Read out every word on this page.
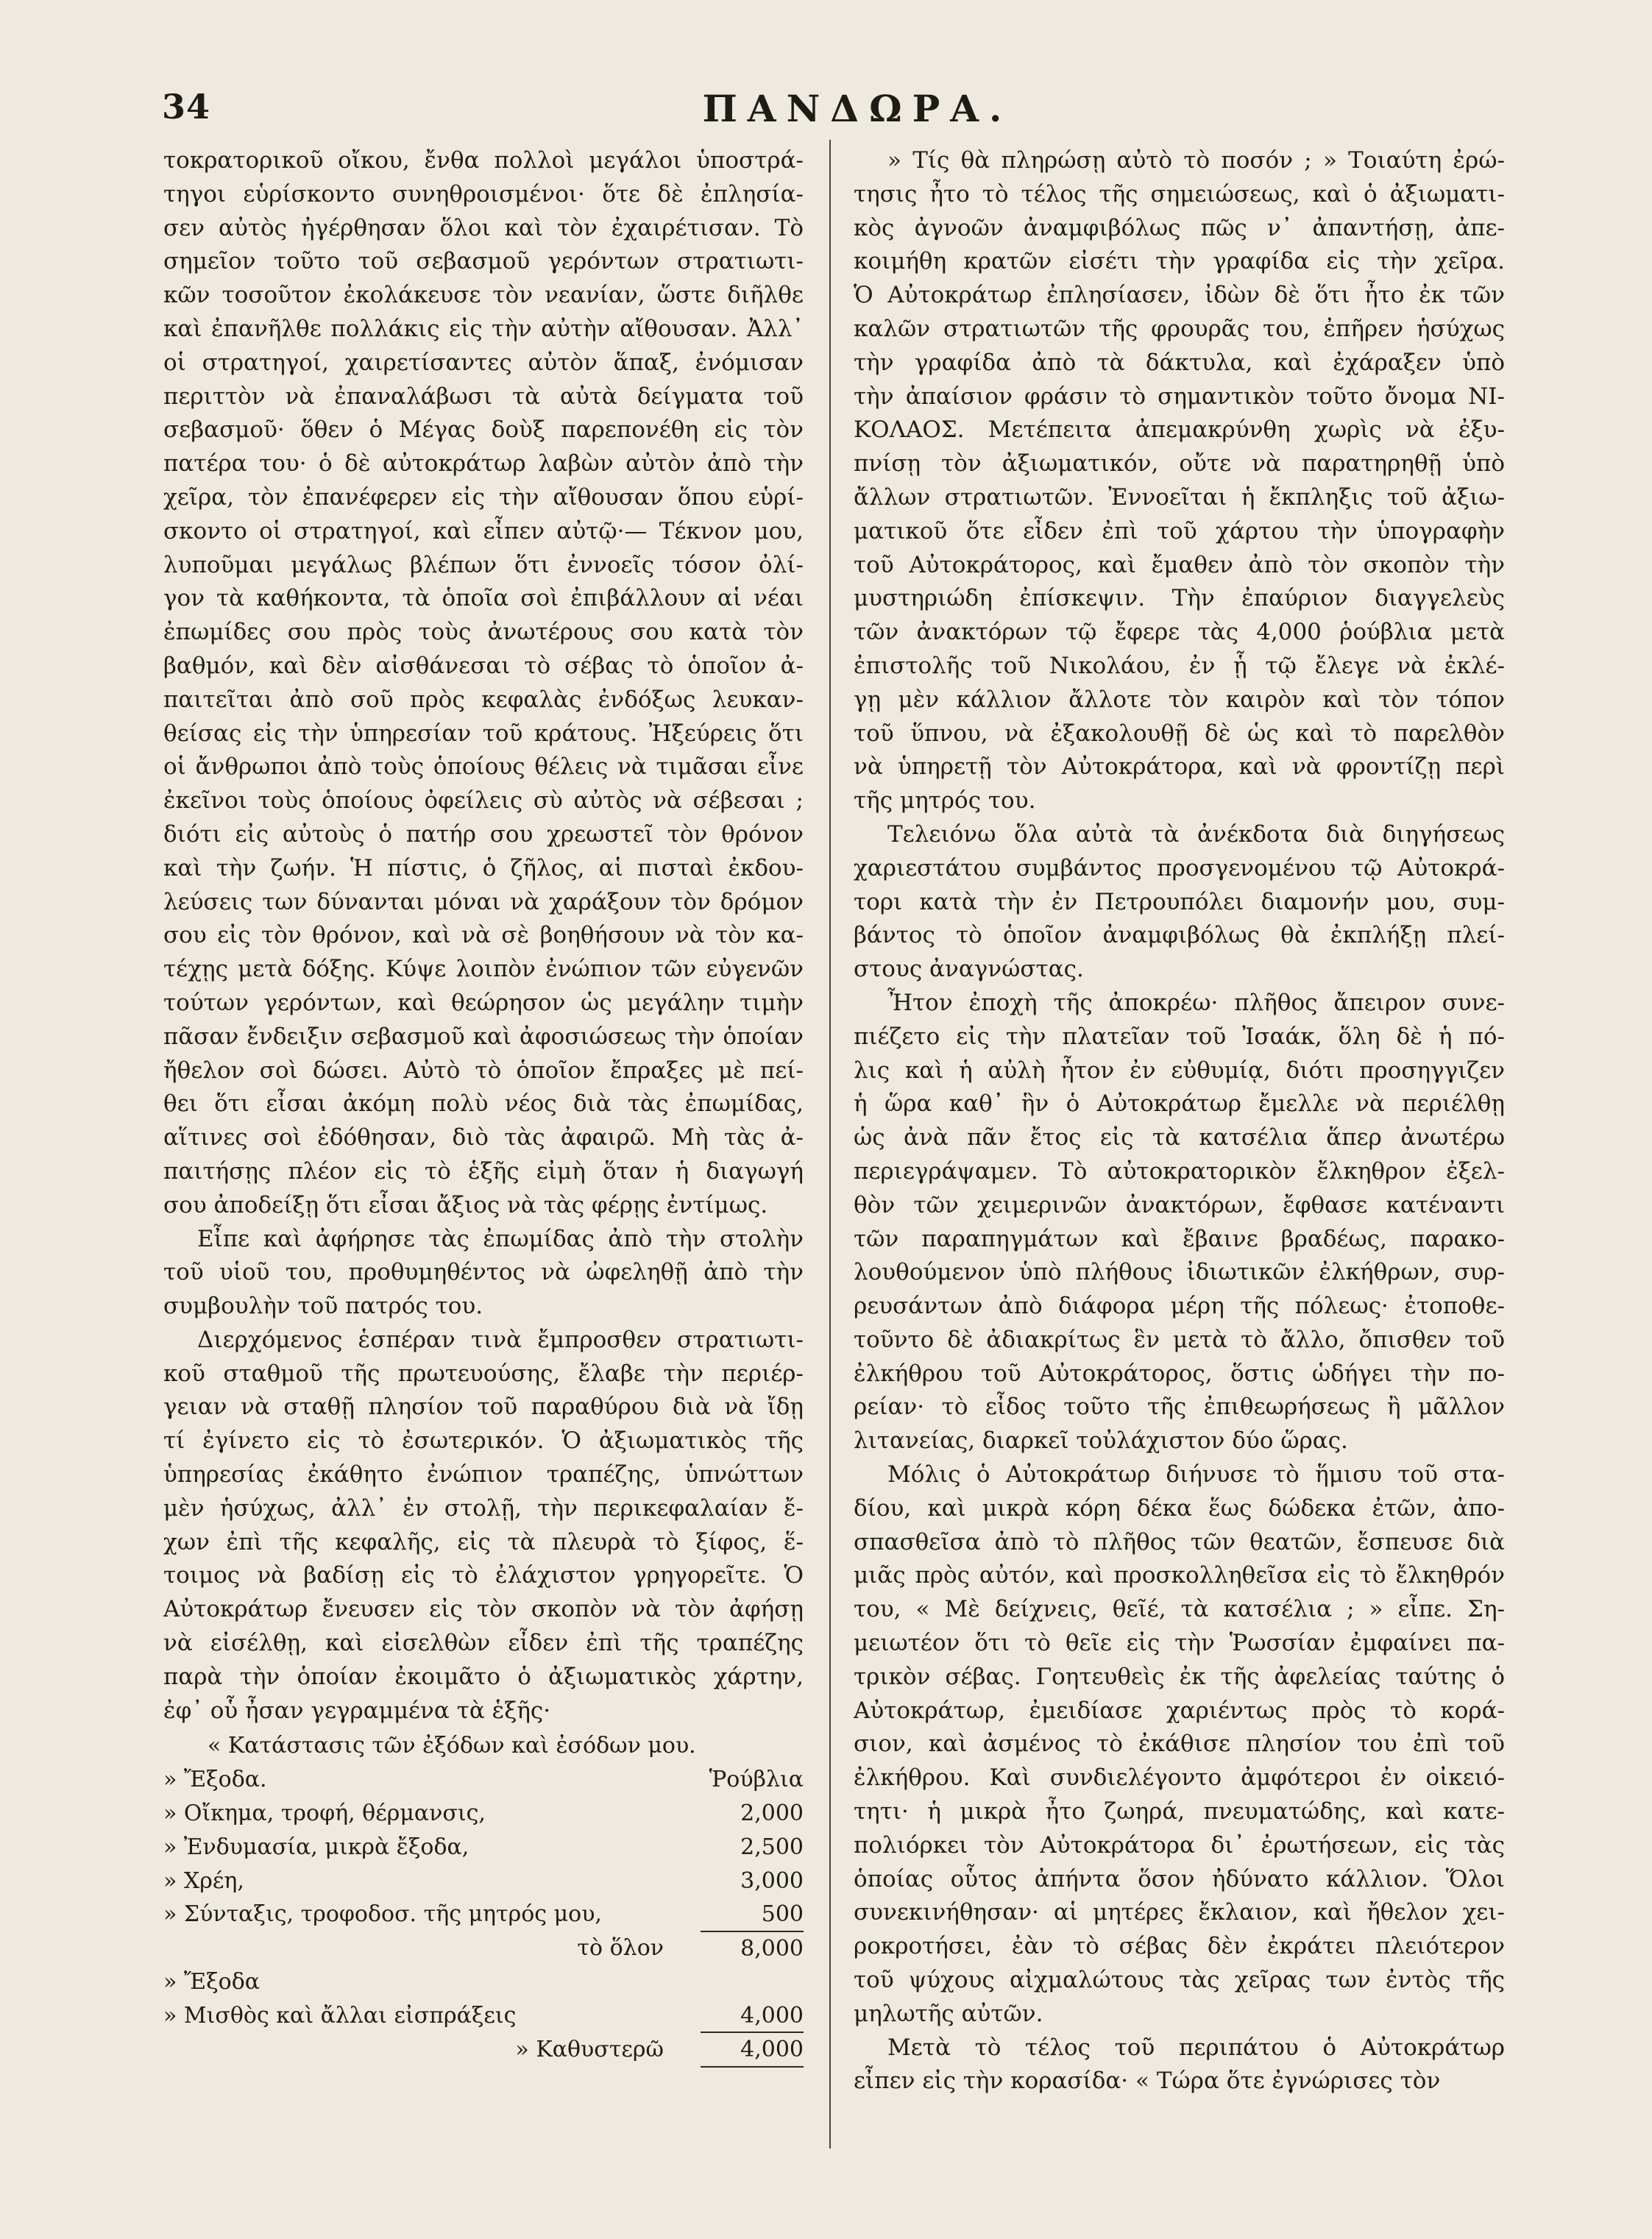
34	ΠΑΝΔΩΡΑ.
τοκρατορικοῦ οἴκου, ἔνθα πολλοὶ μεγάλοι ὑποστρά-
τηγοι εὑρίσκοντο συνηθροισμένοι· ὅτε δὲ ἐπλησία-
σεν αὐτὸς ἠγέρθησαν ὅλοι καὶ τὸν ἐχαιρέτισαν. Τὸ
σημεῖον τοῦτο τοῦ σεβασμοῦ γερόντων στρατιωτι-
κῶν τοσοῦτον ἐκολάκευσε τὸν νεανίαν, ὥστε διῆλθε
καὶ ἐπανῆλθε πολλάκις εἰς τὴν αὐτὴν αἴθουσαν. Ἀλλ᾽
οἱ στρατηγοί, χαιρετίσαντες αὐτὸν ἅπαξ, ἐνόμισαν
περιττὸν νὰ ἐπαναλάβωσι τὰ αὐτὰ δείγματα τοῦ
σεβασμοῦ· ὅθεν ὁ Μέγας δοὺξ παρεπονέθη εἰς τὸν
πατέρα του· ὁ δὲ αὐτοκράτωρ λαβὼν αὐτὸν ἀπὸ τὴν
χεῖρα, τὸν ἐπανέφερεν εἰς τὴν αἴθουσαν ὅπου εὑρί-
σκοντο οἱ στρατηγοί, καὶ εἶπεν αὐτῷ·— Τέκνον μου,
λυποῦμαι μεγάλως βλέπων ὅτι ἐννοεῖς τόσον ὀλί-
γον τὰ καθήκοντα, τὰ ὁποῖα σοὶ ἐπιβάλλουν αἱ νέαι
ἐπωμίδες σου πρὸς τοὺς ἀνωτέρους σου κατὰ τὸν
βαθμόν, καὶ δὲν αἰσθάνεσαι τὸ σέβας τὸ ὁποῖον ἀ-
παιτεῖται ἀπὸ σοῦ πρὸς κεφαλὰς ἐνδόξως λευκαν-
θείσας εἰς τὴν ὑπηρεσίαν τοῦ κράτους. Ἠξεύρεις ὅτι
οἱ ἄνθρωποι ἀπὸ τοὺς ὁποίους θέλεις νὰ τιμᾶσαι εἶνε
ἐκεῖνοι τοὺς ὁποίους ὀφείλεις σὺ αὐτὸς νὰ σέβεσαι ;
διότι εἰς αὐτοὺς ὁ πατήρ σου χρεωστεῖ τὸν θρόνον
καὶ τὴν ζωήν. Ἡ πίστις, ὁ ζῆλος, αἱ πισταὶ ἐκδου-
λεύσεις των δύνανται μόναι νὰ χαράξουν τὸν δρόμον
σου εἰς τὸν θρόνον, καὶ νὰ σὲ βοηθήσουν νὰ τὸν κα-
τέχῃς μετὰ δόξης. Κύψε λοιπὸν ἐνώπιον τῶν εὐγενῶν
τούτων γερόντων, καὶ θεώρησον ὡς μεγάλην τιμὴν
πᾶσαν ἔνδειξιν σεβασμοῦ καὶ ἀφοσιώσεως τὴν ὁποίαν
ἤθελον σοὶ δώσει. Αὐτὸ τὸ ὁποῖον ἔπραξες μὲ πεί-
θει ὅτι εἶσαι ἀκόμη πολὺ νέος διὰ τὰς ἐπωμίδας,
αἵτινες σοὶ ἐδόθησαν, διὸ τὰς ἀφαιρῶ. Μὴ τὰς ἀ-
παιτήσῃς πλέον εἰς τὸ ἑξῆς εἰμὴ ὅταν ἡ διαγωγή
σου ἀποδείξῃ ὅτι εἶσαι ἄξιος νὰ τὰς φέρῃς ἐντίμως.
Εἶπε καὶ ἀφήρησε τὰς ἐπωμίδας ἀπὸ τὴν στολὴν
τοῦ υἱοῦ του, προθυμηθέντος νὰ ὠφεληθῇ ἀπὸ τὴν
συμβουλὴν τοῦ πατρός του.
Διερχόμενος ἑσπέραν τινὰ ἔμπροσθεν στρατιωτι-
κοῦ σταθμοῦ τῆς πρωτευούσης, ἔλαβε τὴν περιέρ-
γειαν νὰ σταθῇ πλησίον τοῦ παραθύρου διὰ νὰ ἴδῃ
τί ἐγίνετο εἰς τὸ ἐσωτερικόν. Ὁ ἀξιωματικὸς τῆς
ὑπηρεσίας ἐκάθητο ἐνώπιον τραπέζης, ὑπνώττων
μὲν ἡσύχως, ἀλλ᾽ ἐν στολῇ, τὴν περικεφαλαίαν ἔ-
χων ἐπὶ τῆς κεφαλῆς, εἰς τὰ πλευρὰ τὸ ξίφος, ἕ-
τοιμος νὰ βαδίσῃ εἰς τὸ ἐλάχιστον γρηγορεῖτε. Ὁ
Αὐτοκράτωρ ἔνευσεν εἰς τὸν σκοπὸν νὰ τὸν ἀφήσῃ
νὰ εἰσέλθῃ, καὶ εἰσελθὼν εἶδεν ἐπὶ τῆς τραπέζης
παρὰ τὴν ὁποίαν ἐκοιμᾶτο ὁ ἀξιωματικὸς χάρτην,
ἐφ᾽ οὗ ἦσαν γεγραμμένα τὰ ἑξῆς·
« Κατάστασις τῶν ἐξόδων καὶ ἐσόδων μου.
» Ἔξοδα.	Ῥούβλια
» Οἴκημα, τροφή, θέρμανσις,	2,000
» Ἐνδυμασία, μικρὰ ἔξοδα,	2,500
» Χρέη,	3,000
» Σύνταξις, τροφοδοσ. τῆς μητρός μου,	500
τὸ ὅλον	8,000
» Ἔξοδα
» Μισθὸς καὶ ἄλλαι εἰσπράξεις	4,000
» Καθυστερῶ	4,000
» Τίς θὰ πληρώσῃ αὐτὸ τὸ ποσόν ; » Τοιαύτη ἐρώ-
τησις ἦτο τὸ τέλος τῆς σημειώσεως, καὶ ὁ ἀξιωματι-
κὸς ἀγνοῶν ἀναμφιβόλως πῶς ν᾽ ἀπαντήσῃ, ἀπε-
κοιμήθη κρατῶν εἰσέτι τὴν γραφίδα εἰς τὴν χεῖρα.
Ὁ Αὐτοκράτωρ ἐπλησίασεν, ἰδὼν δὲ ὅτι ἦτο ἐκ τῶν
καλῶν στρατιωτῶν τῆς φρουρᾶς του, ἐπῆρεν ἡσύχως
τὴν γραφίδα ἀπὸ τὰ δάκτυλα, καὶ ἐχάραξεν ὑπὸ
τὴν ἀπαίσιον φράσιν τὸ σημαντικὸν τοῦτο ὄνομα ΝΙ-
ΚΟΛΑΟΣ. Μετέπειτα ἀπεμακρύνθη χωρὶς νὰ ἐξυ-
πνίσῃ τὸν ἀξιωματικόν, οὔτε νὰ παρατηρηθῇ ὑπὸ
ἄλλων στρατιωτῶν. Ἐννοεῖται ἡ ἔκπληξις τοῦ ἀξιω-
ματικοῦ ὅτε εἶδεν ἐπὶ τοῦ χάρτου τὴν ὑπογραφὴν
τοῦ Αὐτοκράτορος, καὶ ἔμαθεν ἀπὸ τὸν σκοπὸν τὴν
μυστηριώδη ἐπίσκεψιν. Τὴν ἐπαύριον διαγγελεὺς
τῶν ἀνακτόρων τῷ ἔφερε τὰς 4,000 ῥούβλια μετὰ
ἐπιστολῆς τοῦ Νικολάου, ἐν ᾗ τῷ ἔλεγε νὰ ἐκλέ-
γῃ μὲν κάλλιον ἄλλοτε τὸν καιρὸν καὶ τὸν τόπον
τοῦ ὕπνου, νὰ ἐξακολουθῇ δὲ ὡς καὶ τὸ παρελθὸν
νὰ ὑπηρετῇ τὸν Αὐτοκράτορα, καὶ νὰ φροντίζῃ περὶ
τῆς μητρός του.
Τελειόνω ὅλα αὐτὰ τὰ ἀνέκδοτα διὰ διηγήσεως
χαριεστάτου συμβάντος προσγενομένου τῷ Αὐτοκρά-
τορι κατὰ τὴν ἐν Πετρουπόλει διαμονήν μου, συμ-
βάντος τὸ ὁποῖον ἀναμφιβόλως θὰ ἐκπλήξῃ πλεί-
στους ἀναγνώστας.
Ἦτον ἐποχὴ τῆς ἀποκρέω· πλῆθος ἄπειρον συνε-
πιέζετο εἰς τὴν πλατεῖαν τοῦ Ἰσαάκ, ὅλη δὲ ἡ πό-
λις καὶ ἡ αὐλὴ ἦτον ἐν εὐθυμίᾳ, διότι προσηγγιζεν
ἡ ὥρα καθ᾽ ἣν ὁ Αὐτοκράτωρ ἔμελλε νὰ περιέλθῃ
ὡς ἀνὰ πᾶν ἔτος εἰς τὰ κατσέλια ἅπερ ἀνωτέρω
περιεγράψαμεν. Τὸ αὐτοκρατορικὸν ἔλκηθρον ἐξελ-
θὸν τῶν χειμερινῶν ἀνακτόρων, ἔφθασε κατέναντι
τῶν παραπηγμάτων καὶ ἔβαινε βραδέως, παρακο-
λουθούμενον ὑπὸ πλήθους ἰδιωτικῶν ἐλκήθρων, συρ-
ρευσάντων ἀπὸ διάφορα μέρη τῆς πόλεως· ἐτοποθε-
τοῦντο δὲ ἀδιακρίτως ἓν μετὰ τὸ ἄλλο, ὄπισθεν τοῦ
ἐλκήθρου τοῦ Αὐτοκράτορος, ὅστις ὡδήγει τὴν πο-
ρείαν· τὸ εἶδος τοῦτο τῆς ἐπιθεωρήσεως ἢ μᾶλλον
λιτανείας, διαρκεῖ τοὐλάχιστον δύο ὥρας.
Μόλις ὁ Αὐτοκράτωρ διήνυσε τὸ ἥμισυ τοῦ στα-
δίου, καὶ μικρὰ κόρη δέκα ἕως δώδεκα ἐτῶν, ἀπο-
σπασθεῖσα ἀπὸ τὸ πλῆθος τῶν θεατῶν, ἔσπευσε διὰ
μιᾶς πρὸς αὐτόν, καὶ προσκολληθεῖσα εἰς τὸ ἔλκηθρόν
του, « Μὲ δείχνεις, θεῖέ, τὰ κατσέλια ; » εἶπε. Ση-
μειωτέον ὅτι τὸ θεῖε εἰς τὴν Ῥωσσίαν ἐμφαίνει πα-
τρικὸν σέβας. Γοητευθεὶς ἐκ τῆς ἀφελείας ταύτης ὁ
Αὐτοκράτωρ, ἐμειδίασε χαριέντως πρὸς τὸ κορά-
σιον, καὶ ἀσμένος τὸ ἐκάθισε πλησίον του ἐπὶ τοῦ
ἐλκήθρου. Καὶ συνδιελέγοντο ἀμφότεροι ἐν οἰκειό-
τητι· ἡ μικρὰ ἦτο ζωηρά, πνευματώδης, καὶ κατε-
πολιόρκει τὸν Αὐτοκράτορα δι᾽ ἐρωτήσεων, εἰς τὰς
ὁποίας οὗτος ἀπήντα ὅσον ἠδύνατο κάλλιον. Ὅλοι
συνεκινήθησαν· αἱ μητέρες ἔκλαιον, καὶ ἤθελον χει-
ροκροτήσει, ἐὰν τὸ σέβας δὲν ἐκράτει πλειότερον
τοῦ ψύχους αἰχμαλώτους τὰς χεῖρας των ἐντὸς τῆς
μηλωτῆς αὐτῶν.
Μετὰ τὸ τέλος τοῦ περιπάτου ὁ Αὐτοκράτωρ
εἶπεν εἰς τὴν κορασίδα· « Τώρα ὅτε ἐγνώρισες τὸν
